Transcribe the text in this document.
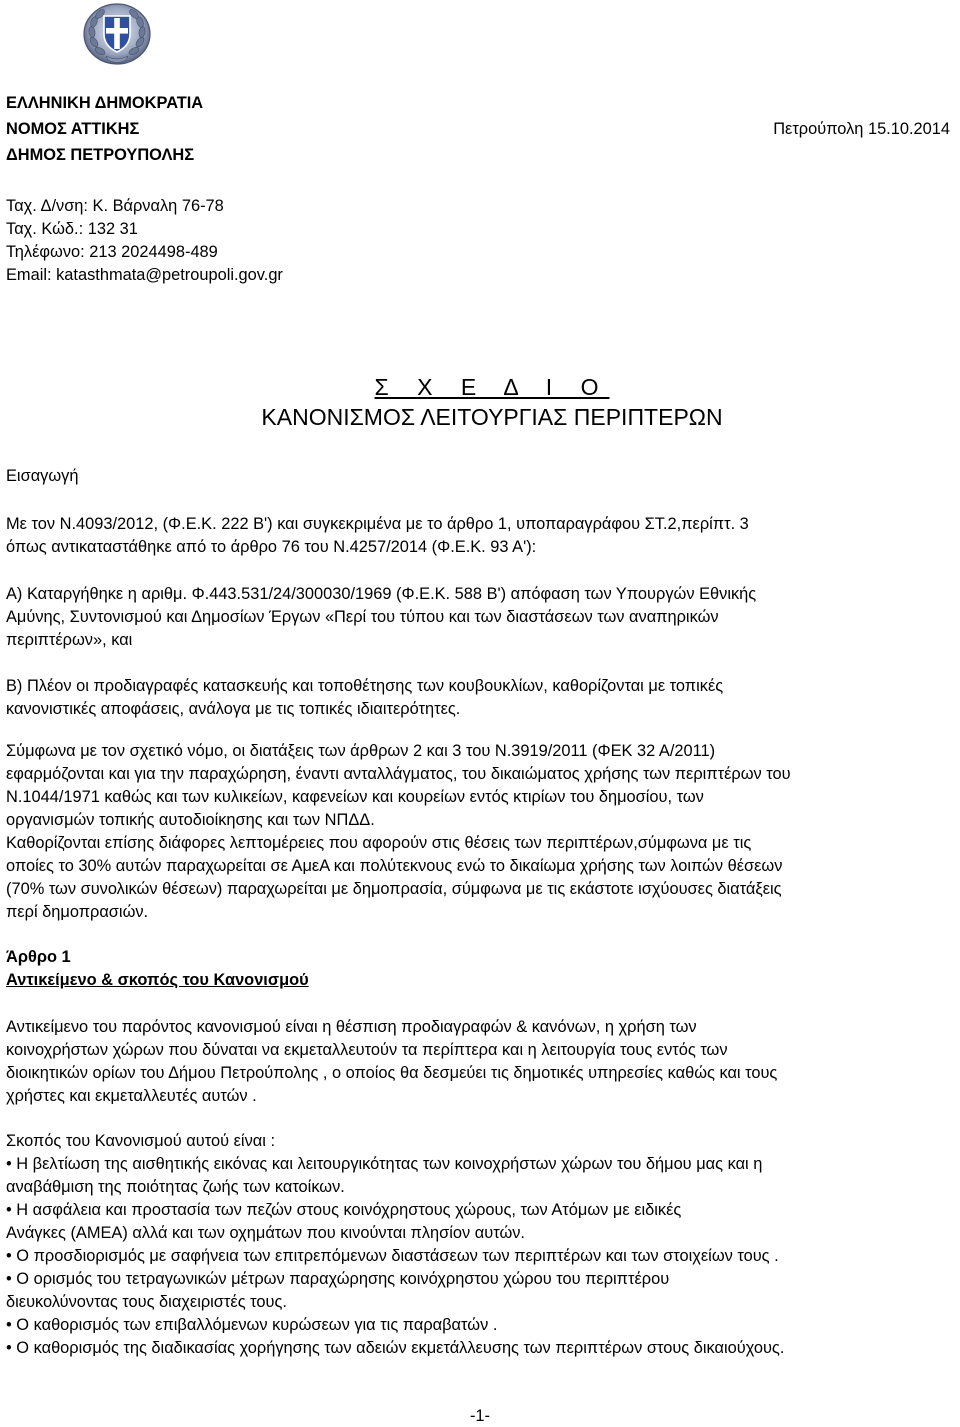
ΕΛΛΗΝΙΚΗ ΔΗΜΟΚΡΑΤΙΑ
ΝΟΜΟΣ ΑΤΤΙΚΗΣ
ΔΗΜΟΣ ΠΕΤΡΟΥΠΟΛΗΣ
Πετρούπολη 15.10.2014
Ταχ. Δ/νση: Κ. Βάρναλη 76-78
Ταχ. Κώδ.: 132 31
Τηλέφωνο: 213 2024498-489
Email: katasthmata@petroupoli.gov.gr
Σ Χ Ε Δ Ι Ο
ΚΑΝΟΝΙΣΜΟΣ ΛΕΙΤΟΥΡΓΙΑΣ ΠΕΡΙΠΤΕΡΩΝ
Εισαγωγή
Με τον Ν.4093/2012, (Φ.Ε.Κ. 222 Β') και συγκεκριμένα με το άρθρο 1, υποπαραγράφου ΣΤ.2,περίπτ. 3
όπως αντικαταστάθηκε από το άρθρο 76 του Ν.4257/2014 (Φ.Ε.Κ. 93 Α'):
Α) Καταργήθηκε η αριθμ. Φ.443.531/24/300030/1969 (Φ.Ε.Κ. 588 Β') απόφαση των Υπουργών Εθνικής
Αμύνης, Συντονισμού και Δημοσίων Έργων «Περί του τύπου και των διαστάσεων των αναπηρικών
περιπτέρων», και
Β) Πλέον οι προδιαγραφές κατασκευής και τοποθέτησης των κουβουκλίων, καθορίζονται με τοπικές
κανονιστικές αποφάσεις, ανάλογα με τις τοπικές ιδιαιτερότητες.
Σύμφωνα με τον σχετικό νόμο, οι διατάξεις των άρθρων 2 και 3 του Ν.3919/2011 (ΦΕΚ 32 Α/2011)
εφαρμόζονται και για την παραχώρηση, έναντι ανταλλάγματος, του δικαιώματος χρήσης των περιπτέρων του
Ν.1044/1971 καθώς και των κυλικείων, καφενείων και κουρείων εντός κτιρίων του δημοσίου, των
οργανισμών τοπικής αυτοδιοίκησης και των ΝΠΔΔ.
Καθορίζονται επίσης διάφορες λεπτομέρειες που αφορούν στις θέσεις των περιπτέρων,σύμφωνα με τις
οποίες το 30% αυτών παραχωρείται σε ΑμεΑ και πολύτεκνους ενώ το δικαίωμα χρήσης των λοιπών θέσεων
(70% των συνολικών θέσεων) παραχωρείται με δημοπρασία, σύμφωνα με τις εκάστοτε ισχύουσες διατάξεις
περί δημοπρασιών.
Άρθρο 1
Αντικείμενο & σκοπός του Κανονισμού
Αντικείμενο του παρόντος κανονισμού είναι η θέσπιση προδιαγραφών & κανόνων, η χρήση των
κοινοχρήστων χώρων που δύναται να εκμεταλλευτούν τα περίπτερα και η λειτουργία τους εντός των
διοικητικών ορίων του Δήμου Πετρούπολης , ο οποίος θα δεσμεύει τις δημοτικές υπηρεσίες καθώς και τους
χρήστες και εκμεταλλευτές αυτών .
Σκοπός του Κανονισμού αυτού είναι :
• Η βελτίωση της αισθητικής εικόνας και λειτουργικότητας των κοινοχρήστων χώρων του δήμου μας και η
αναβάθμιση της ποιότητας ζωής των κατοίκων.
• Η ασφάλεια και προστασία των πεζών στους κοινόχρηστους χώρους, των Ατόμων με ειδικές
Ανάγκες (ΑΜΕΑ) αλλά και των οχημάτων που κινούνται πλησίον αυτών.
• Ο προσδιορισμός με σαφήνεια των επιτρεπόμενων διαστάσεων των περιπτέρων και των στοιχείων τους .
• Ο ορισμός του τετραγωνικών μέτρων παραχώρησης κοινόχρηστου χώρου του περιπτέρου
διευκολύνοντας τους διαχειριστές τους.
• Ο καθορισμός των επιβαλλόμενων κυρώσεων για τις παραβατών .
• Ο καθορισμός της διαδικασίας χορήγησης των αδειών εκμετάλλευσης των περιπτέρων στους δικαιούχους.
-1-
